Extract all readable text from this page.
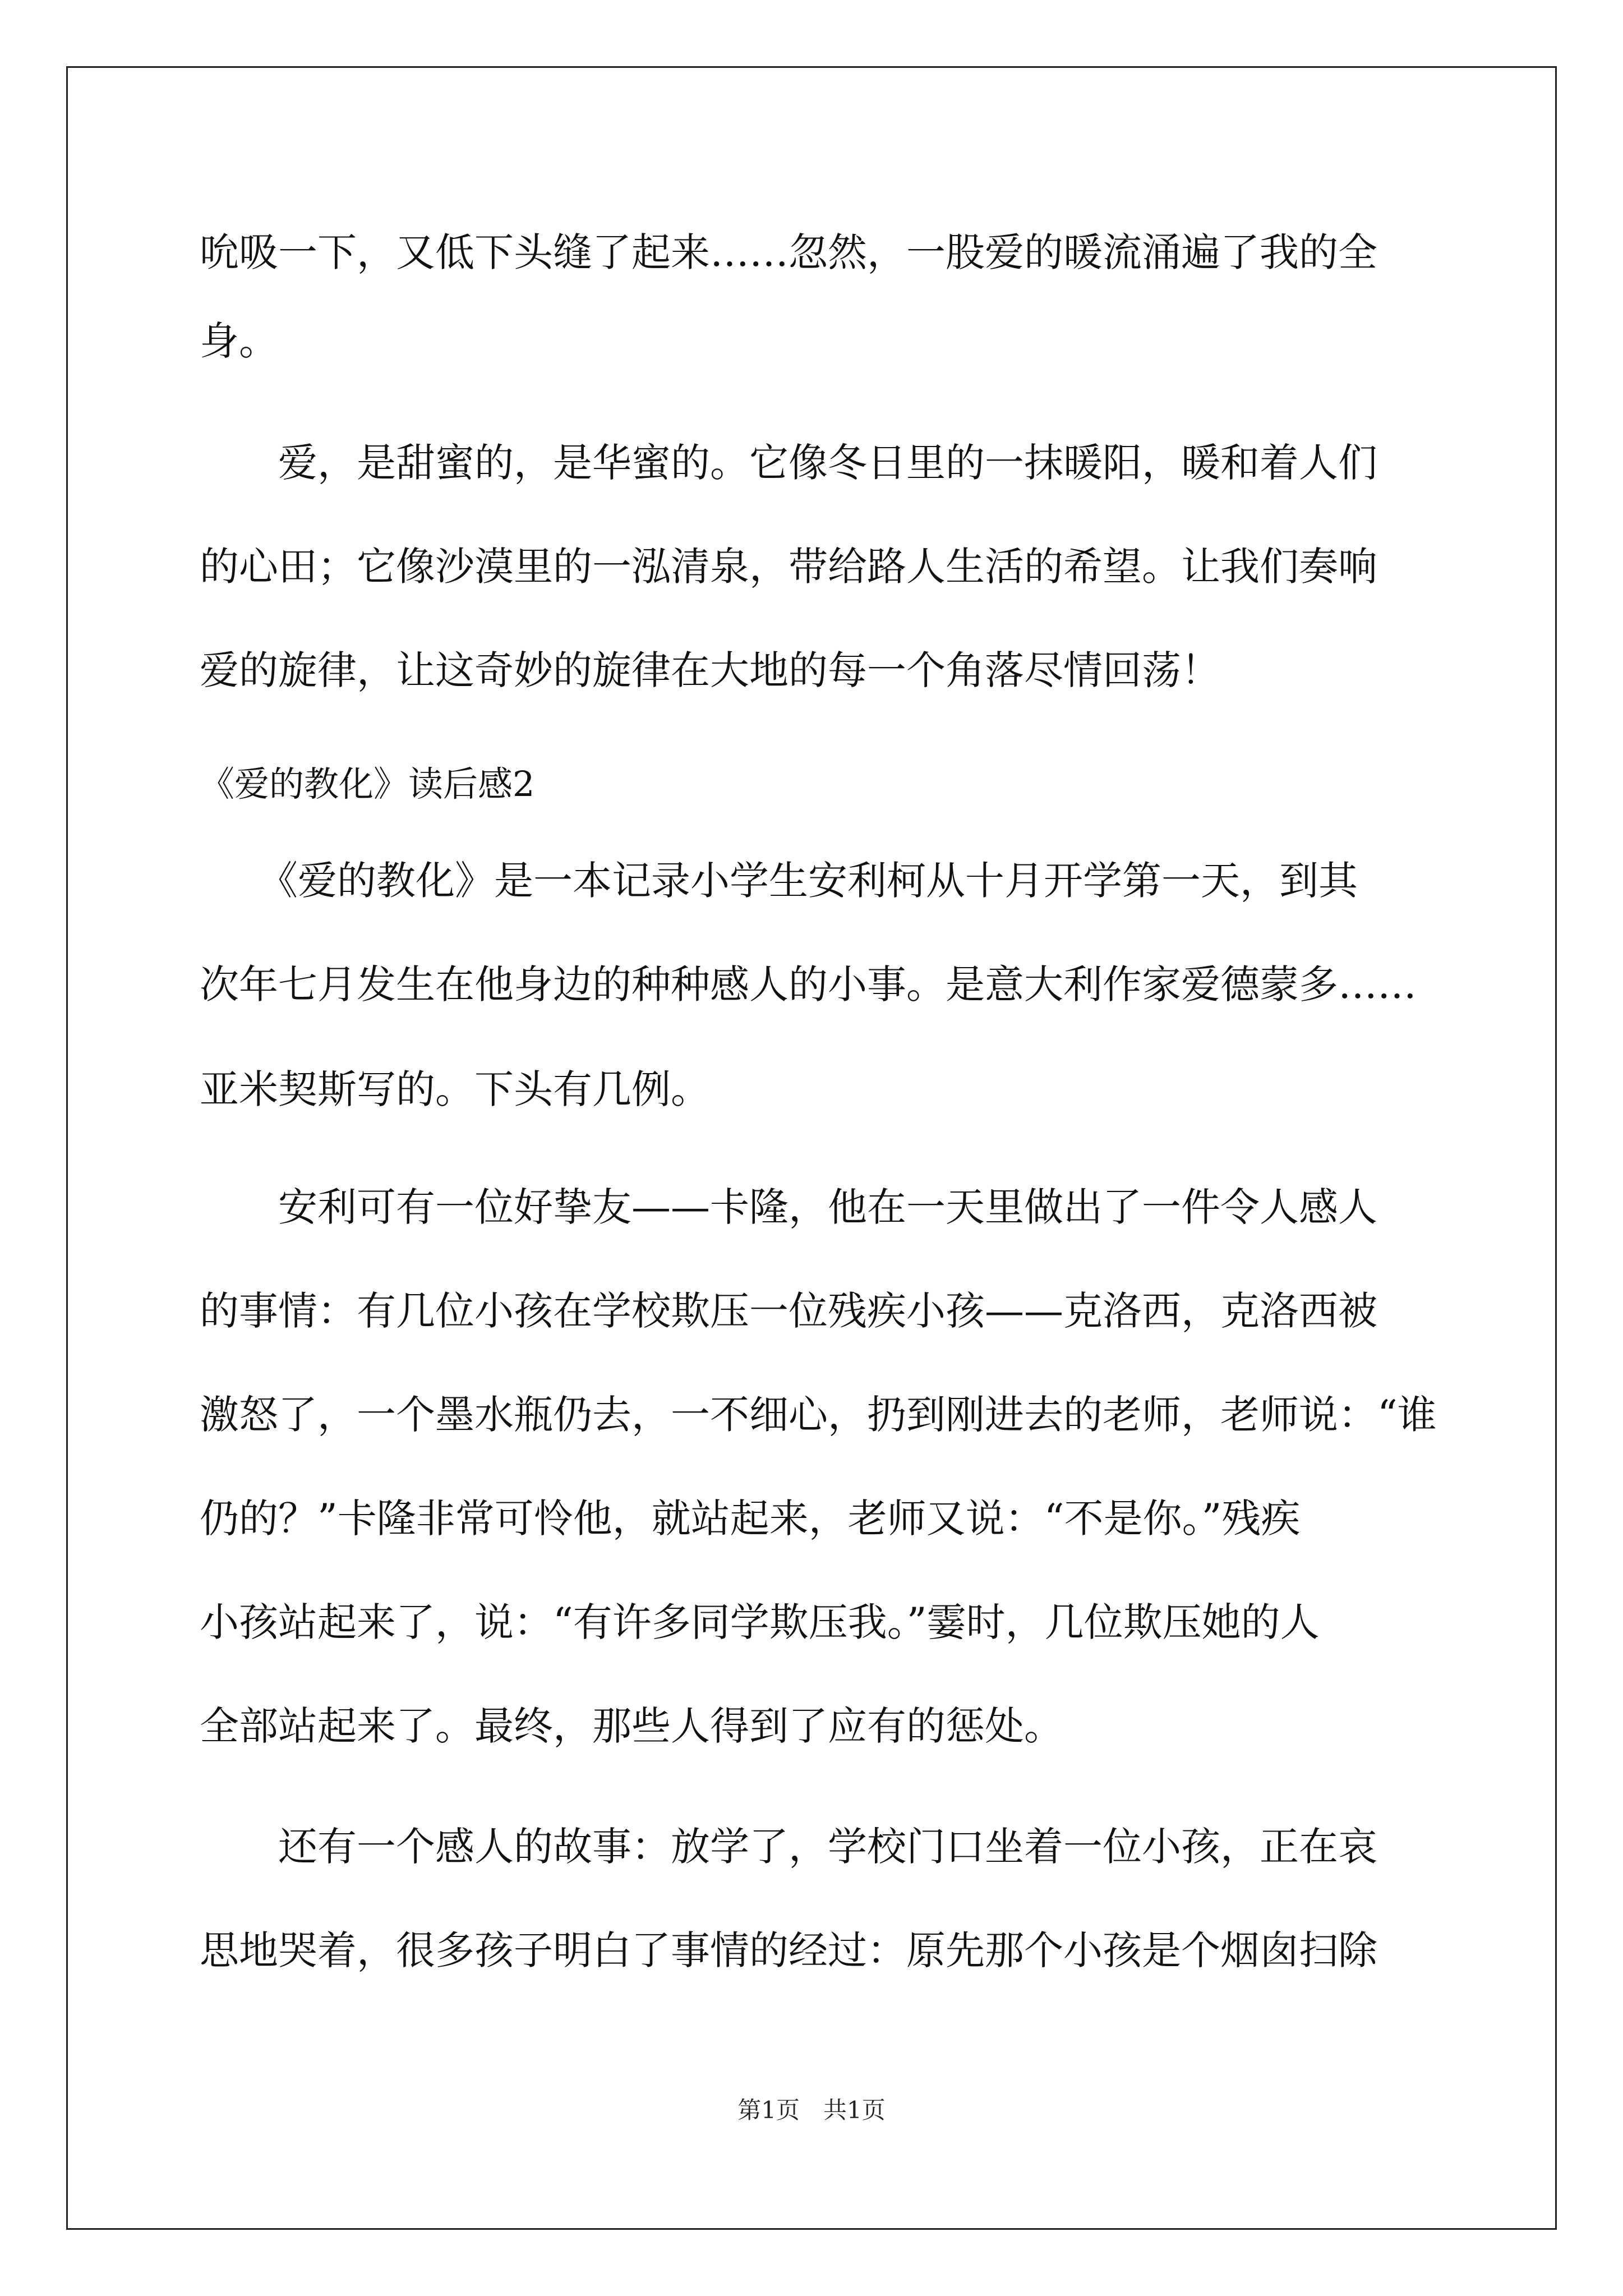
吮吸一下，又低下头缝了起来……忽然，一股爱的暖流涌遍了我的全
身。
　　爱，是甜蜜的，是华蜜的。它像冬日里的一抹暖阳，暖和着人们
的心田；它像沙漠里的一泓清泉，带给路人生活的希望。让我们奏响
爱的旋律，让这奇妙的旋律在大地的每一个角落尽情回荡！
《爱的教化》读后感2
　　《爱的教化》是一本记录小学生安利柯从十月开学第一天，到其
次年七月发生在他身边的种种感人的小事。是意大利作家爱德蒙多……
亚米契斯写的。下头有几例。
　　安利可有一位好挚友——卡隆，他在一天里做出了一件令人感人
的事情：有几位小孩在学校欺压一位残疾小孩——克洛西，克洛西被
激怒了，一个墨水瓶仍去，一不细心，扔到刚进去的老师，老师说：“谁
仍的？”卡隆非常可怜他，就站起来，老师又说：“不是你。”残疾
小孩站起来了，说：“有许多同学欺压我。”霎时，几位欺压她的人
全部站起来了。最终，那些人得到了应有的惩处。
　　还有一个感人的故事：放学了，学校门口坐着一位小孩，正在哀
思地哭着，很多孩子明白了事情的经过：原先那个小孩是个烟囱扫除
第1页　共1页
